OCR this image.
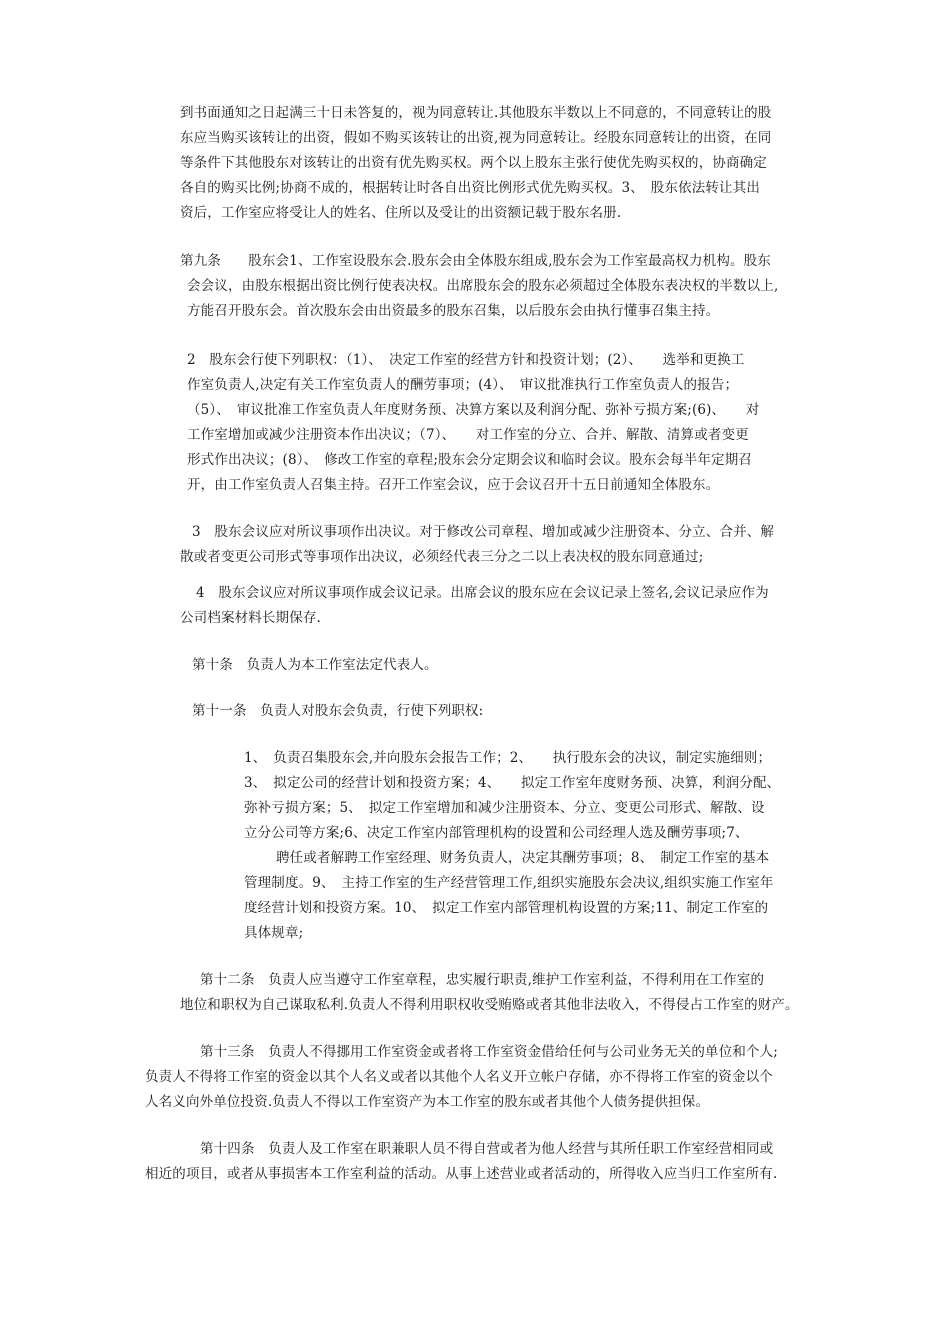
到书面通知之日起满三十日未答复的，视为同意转让.其他股东半数以上不同意的，不同意转让的股
东应当购买该转让的出资，假如不购买该转让的出资,视为同意转让。经股东同意转让的出资，在同
等条件下其他股东对该转让的出资有优先购买权。两个以上股东主张行使优先购买权的，协商确定
各自的购买比例;协商不成的，根据转让时各自出资比例形式优先购买权。3、　股东依法转让其出
资后，工作室应将受让人的姓名、住所以及受让的出资额记载于股东名册.
第九条　　股东会1、工作室设股东会.股东会由全体股东组成,股东会为工作室最高权力机构。股东
会会议，由股东根据出资比例行使表决权。出席股东会的股东必须超过全体股东表决权的半数以上,
方能召开股东会。首次股东会由出资最多的股东召集，以后股东会由执行懂事召集主持。
2　股东会行使下列职权：（1）、　决定工作室的经营方针和投资计划；(2）、　　选举和更换工
作室负责人,决定有关工作室负责人的酬劳事项；(4）、　审议批准执行工作室负责人的报告；
（5）、　审议批准工作室负责人年度财务预、决算方案以及利润分配、弥补亏损方案;(6)、　　对
工作室增加或减少注册资本作出决议；（7）、　　对工作室的分立、合并、解散、清算或者变更
形式作出决议；(8）、　修改工作室的章程;股东会分定期会议和临时会议。股东会每半年定期召
开，由工作室负责人召集主持。召开工作室会议，应于会议召开十五日前通知全体股东。
3　股东会议应对所议事项作出决议。对于修改公司章程、增加或减少注册资本、分立、合并、解
散或者变更公司形式等事项作出决议，必须经代表三分之二以上表决权的股东同意通过;
4　股东会议应对所议事项作成会议记录。出席会议的股东应在会议记录上签名,会议记录应作为
公司档案材料长期保存.
第十条　负责人为本工作室法定代表人。
第十一条　负责人对股东会负责，行使下列职权:
1、　负责召集股东会,并向股东会报告工作；2、　　执行股东会的决议，制定实施细则；
3、　拟定公司的经营计划和投资方案；4、　　拟定工作室年度财务预、决算，利润分配、
弥补亏损方案；5、　拟定工作室增加和减少注册资本、分立、变更公司形式、解散、设
立分公司等方案;6、决定工作室内部管理机构的设置和公司经理人选及酬劳事项;7、
聘任或者解聘工作室经理、财务负责人，决定其酬劳事项；8、　制定工作室的基本
管理制度。9、　主持工作室的生产经营管理工作,组织实施股东会决议,组织实施工作室年
度经营计划和投资方案。10、　拟定工作室内部管理机构设置的方案;11、制定工作室的
具体规章;
第十二条　负责人应当遵守工作室章程，忠实履行职责,维护工作室利益，不得利用在工作室的
地位和职权为自己谋取私利.负责人不得利用职权收受贿赂或者其他非法收入，不得侵占工作室的财产。
第十三条　负责人不得挪用工作室资金或者将工作室资金借给任何与公司业务无关的单位和个人;
负责人不得将工作室的资金以其个人名义或者以其他个人名义开立帐户存储，亦不得将工作室的资金以个
人名义向外单位投资.负责人不得以工作室资产为本工作室的股东或者其他个人债务提供担保。
第十四条　负责人及工作室在职兼职人员不得自营或者为他人经营与其所任职工作室经营相同或
相近的项目，或者从事损害本工作室利益的活动。从事上述营业或者活动的，所得收入应当归工作室所有.
